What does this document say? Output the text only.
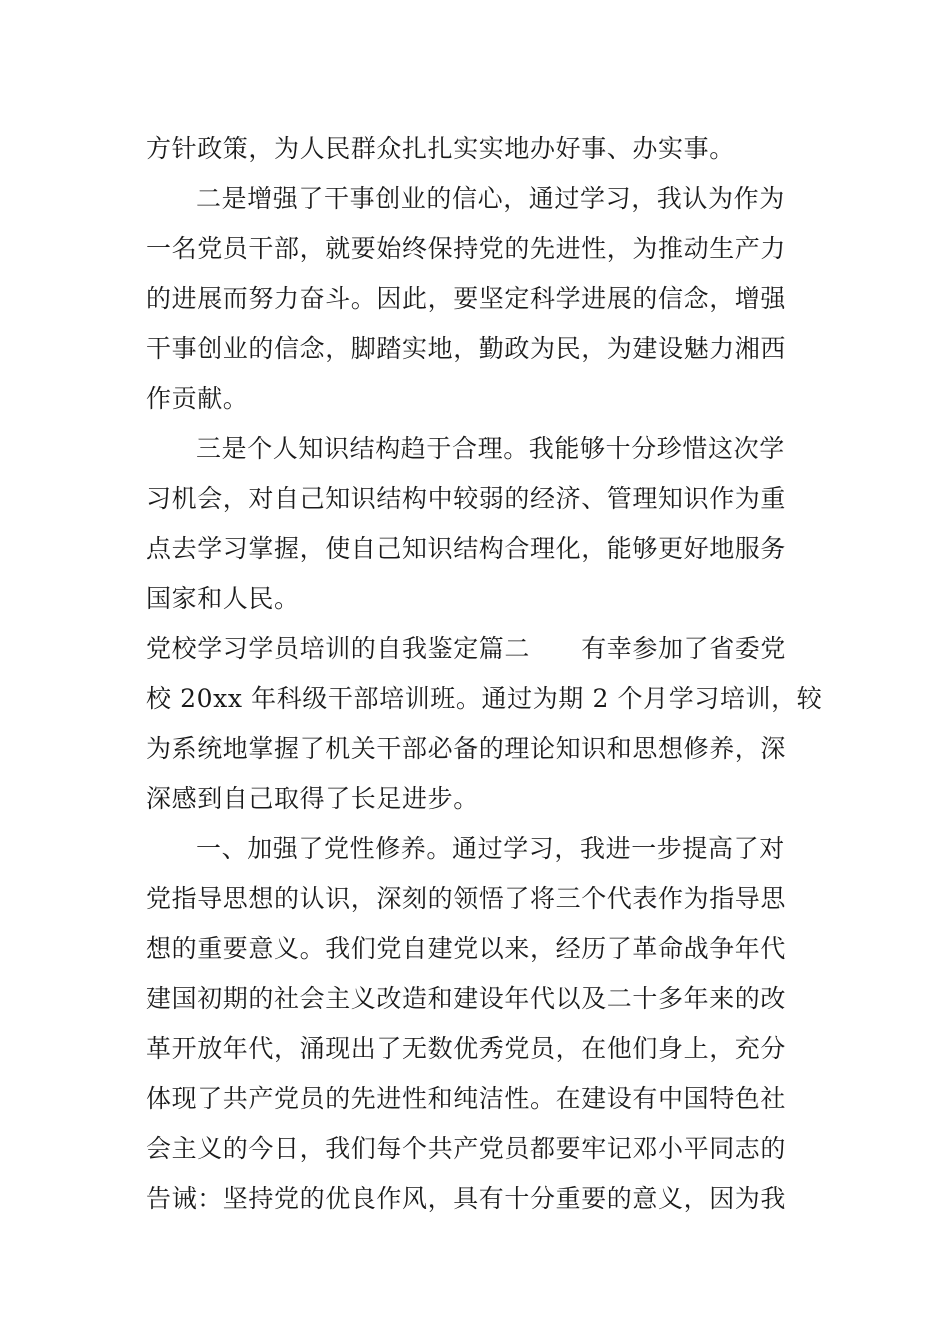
方针政策，为人民群众扎扎实实地办好事、办实事。
二是增强了干事创业的信心，通过学习，我认为作为
一名党员干部，就要始终保持党的先进性，为推动生产力
的进展而努力奋斗。因此，要坚定科学进展的信念，增强
干事创业的信念，脚踏实地，勤政为民，为建设魅力湘西
作贡献。
三是个人知识结构趋于合理。我能够十分珍惜这次学
习机会，对自己知识结构中较弱的经济、管理知识作为重
点去学习掌握，使自己知识结构合理化，能够更好地服务
国家和人民。
党校学习学员培训的自我鉴定篇二　　有幸参加了省委党
校 20xx 年科级干部培训班。通过为期 2 个月学习培训，较
为系统地掌握了机关干部必备的理论知识和思想修养，深
深感到自己取得了长足进步。
一、加强了党性修养。通过学习，我进一步提高了对
党指导思想的认识，深刻的领悟了将三个代表作为指导思
想的重要意义。我们党自建党以来，经历了革命战争年代
建国初期的社会主义改造和建设年代以及二十多年来的改
革开放年代，涌现出了无数优秀党员，在他们身上，充分
体现了共产党员的先进性和纯洁性。在建设有中国特色社
会主义的今日，我们每个共产党员都要牢记邓小平同志的
告诫：坚持党的优良作风，具有十分重要的意义，因为我
